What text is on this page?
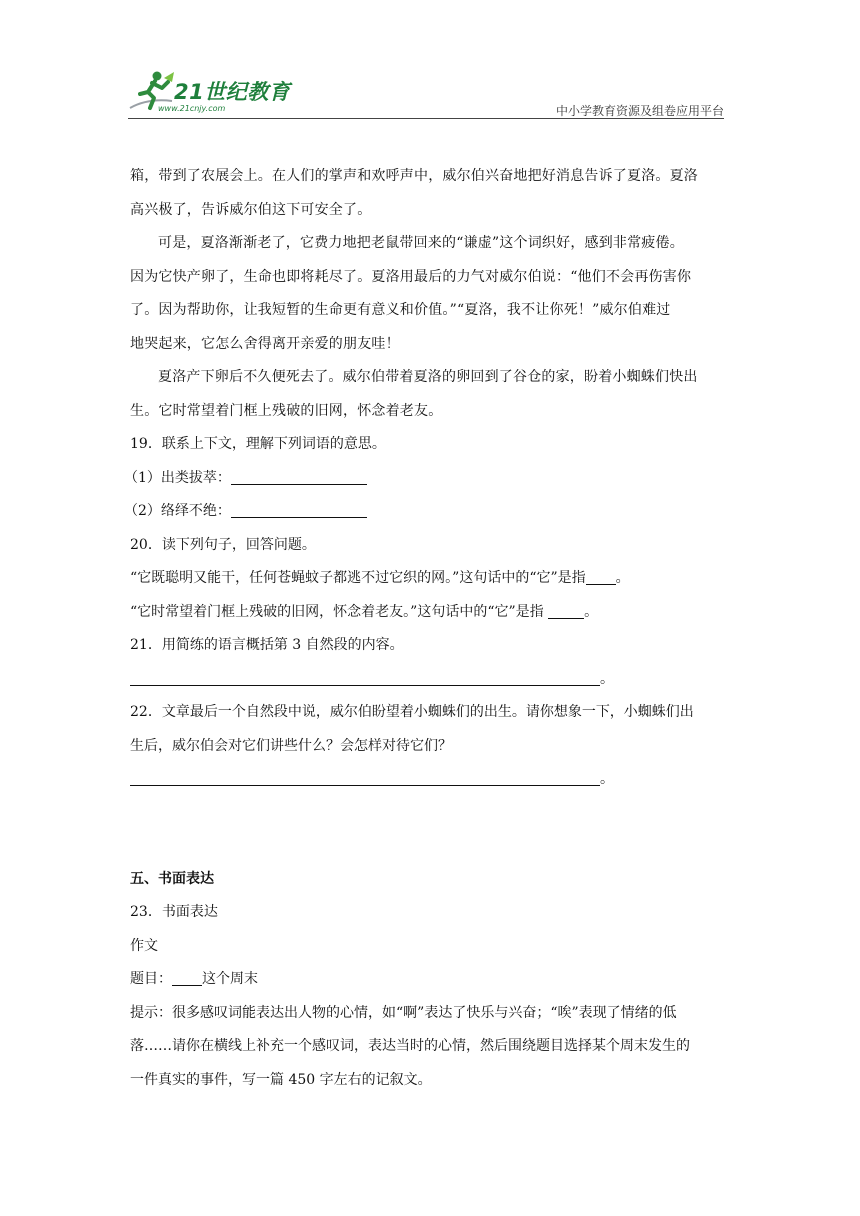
21世纪教育
www.21cnjy.com	中小学教育资源及组卷应用平台

箱，带到了农展会上。在人们的掌声和欢呼声中，威尔伯兴奋地把好消息告诉了夏洛。夏洛

高兴极了，告诉威尔伯这下可安全了。

可是，夏洛渐渐老了，它费力地把老鼠带回来的“谦虚”这个词织好，感到非常疲倦。

因为它快产卵了，生命也即将耗尽了。夏洛用最后的力气对威尔伯说：“他们不会再伤害你

了。因为帮助你，让我短暂的生命更有意义和价值。”“夏洛，我不让你死！”威尔伯难过

地哭起来，它怎么舍得离开亲爱的朋友哇！

夏洛产下卵后不久便死去了。威尔伯带着夏洛的卵回到了谷仓的家，盼着小蜘蛛们快出

生。它时常望着门框上残破的旧网，怀念着老友。

19．联系上下文，理解下列词语的意思。

（1）出类拔萃：

（2）络绎不绝：

20．读下列句子，回答问题。

“它既聪明又能干，任何苍蝇蚊子都逃不过它织的网。”这句话中的“它”是指 。

“它时常望着门框上残破的旧网，怀念着老友。”这句话中的“它”是指	。

21．用简练的语言概括第 3 自然段的内容。

。

22．文章最后一个自然段中说，威尔伯盼望着小蜘蛛们的出生。请你想象一下，小蜘蛛们出

生后，威尔伯会对它们讲些什么？会怎样对待它们？

。

五、书面表达

23．书面表达

作文

题目： 这个周末

提示：很多感叹词能表达出人物的心情，如“啊”表达了快乐与兴奋；“唉”表现了情绪的低

落……请你在横线上补充一个感叹词，表达当时的心情，然后围绕题目选择某个周末发生的

一件真实的事件，写一篇 450 字左右的记叙文。
